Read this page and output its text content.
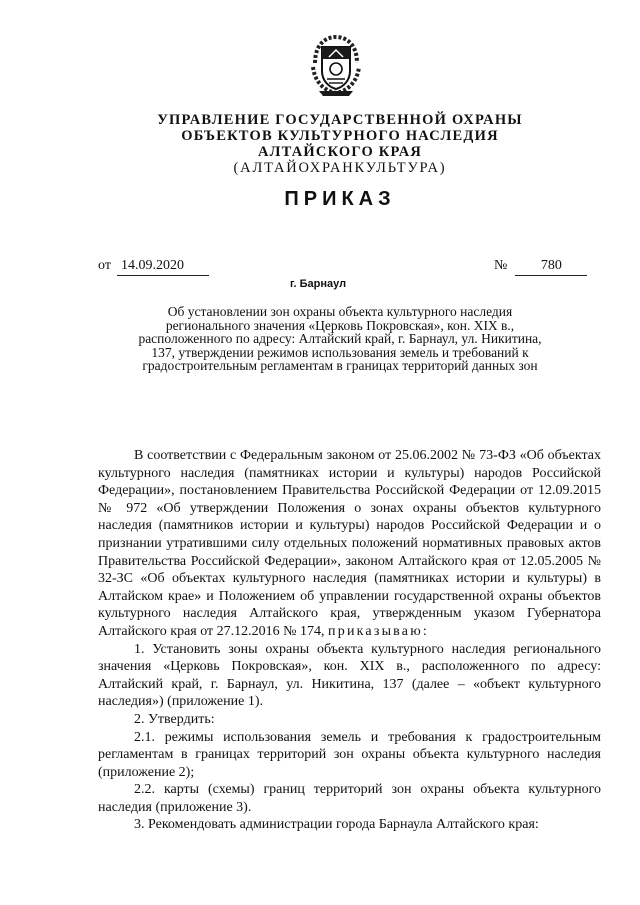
УПРАВЛЕНИЕ ГОСУДАРСТВЕННОЙ ОХРАНЫ
ОБЪЕКТОВ КУЛЬТУРНОГО НАСЛЕДИЯ
АЛТАЙСКОГО КРАЯ
(АЛТАЙОХРАНКУЛЬТУРА)
ПРИКАЗ
от 14.09.2020	№ 780
г. Барнаул
Об установлении зон охраны объекта культурного наследия регионального значения «Церковь Покровская», кон. XIX в., расположенного по адресу: Алтайский край, г. Барнаул, ул. Никитина, 137, утверждении режимов использования земель и требований к градостроительным регламентам в границах территорий данных зон

В соответствии с Федеральным законом от 25.06.2002 № 73-ФЗ «Об объектах культурного наследия (памятниках истории и культуры) народов Российской Федерации», постановлением Правительства Российской Федерации от 12.09.2015 № 972 «Об утверждении Положения о зонах охраны объектов культурного наследия (памятников истории и культуры) народов Российской Федерации и о признании утратившими силу отдельных положений нормативных правовых актов Правительства Российской Федерации», законом Алтайского края от 12.05.2005 № 32-ЗС «Об объектах культурного наследия (памятниках истории и культуры) в Алтайском крае» и Положением об управлении государственной охраны объектов культурного наследия Алтайского края, утвержденным указом Губернатора Алтайского края от 27.12.2016 № 174, приказываю:

1. Установить зоны охраны объекта культурного наследия регионального значения «Церковь Покровская», кон. XIX в., расположенного по адресу: Алтайский край, г. Барнаул, ул. Никитина, 137 (далее – «объект культурного наследия») (приложение 1).

2. Утвердить:

2.1. режимы использования земель и требования к градостроительным регламентам в границах территорий зон охраны объекта культурного наследия (приложение 2);

2.2. карты (схемы) границ территорий зон охраны объекта культурного наследия (приложение 3).

3. Рекомендовать администрации города Барнаула Алтайского края:
